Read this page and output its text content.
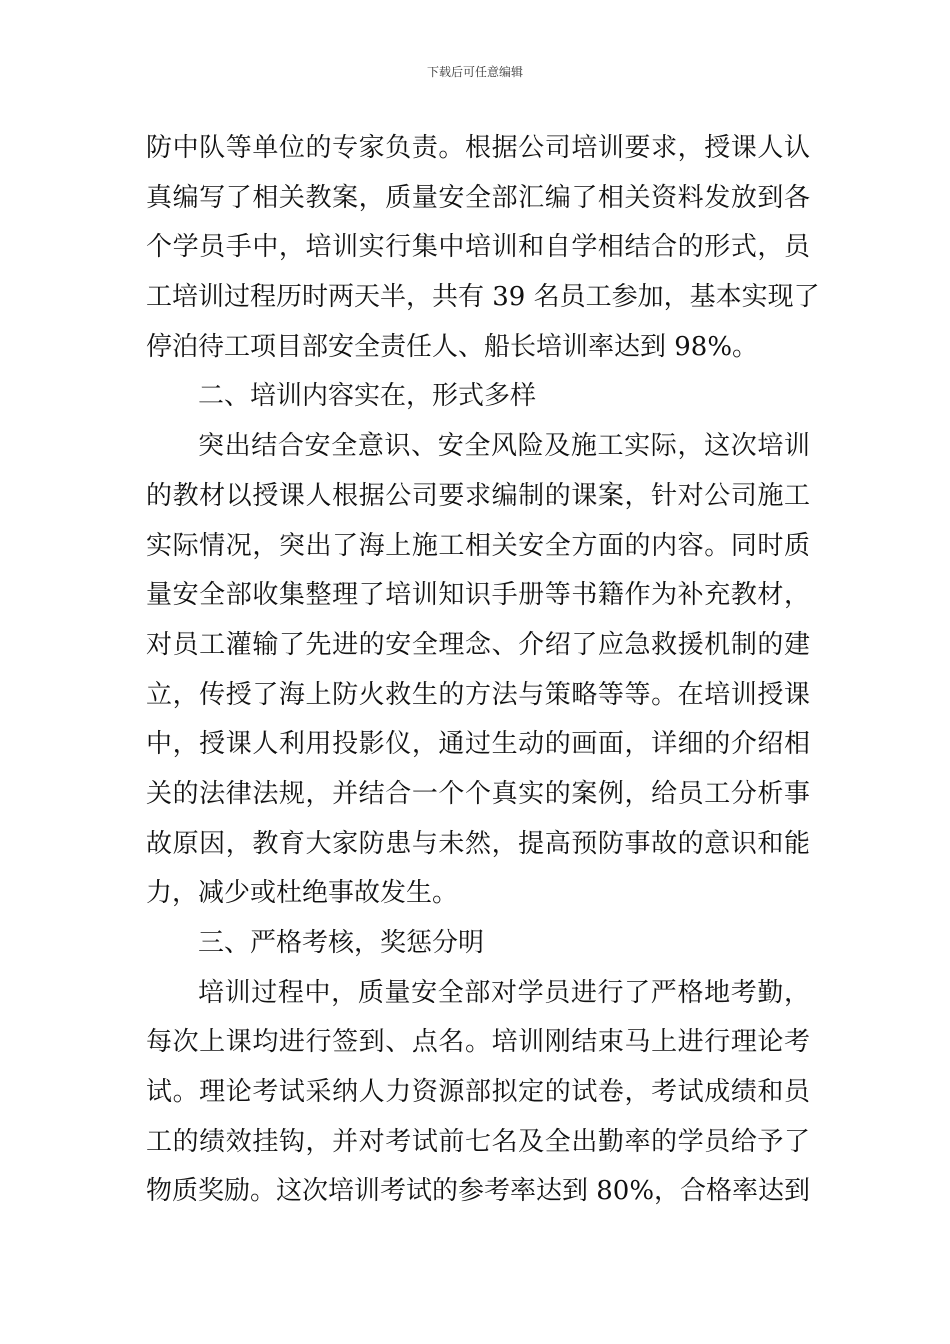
下载后可任意编辑
防中队等单位的专家负责。根据公司培训要求，授课人认
真编写了相关教案，质量安全部汇编了相关资料发放到各
个学员手中，培训实行集中培训和自学相结合的形式，员
工培训过程历时两天半，共有 39 名员工参加，基本实现了
停泊待工项目部安全责任人、船长培训率达到 98%。
二、培训内容实在，形式多样
突出结合安全意识、安全风险及施工实际，这次培训
的教材以授课人根据公司要求编制的课案，针对公司施工
实际情况，突出了海上施工相关安全方面的内容。同时质
量安全部收集整理了培训知识手册等书籍作为补充教材，
对员工灌输了先进的安全理念、介绍了应急救援机制的建
立，传授了海上防火救生的方法与策略等等。在培训授课
中，授课人利用投影仪，通过生动的画面，详细的介绍相
关的法律法规，并结合一个个真实的案例，给员工分析事
故原因，教育大家防患与未然，提高预防事故的意识和能
力，减少或杜绝事故发生。
三、严格考核，奖惩分明
培训过程中，质量安全部对学员进行了严格地考勤，
每次上课均进行签到、点名。培训刚结束马上进行理论考
试。理论考试采纳人力资源部拟定的试卷，考试成绩和员
工的绩效挂钩，并对考试前七名及全出勤率的学员给予了
物质奖励。这次培训考试的参考率达到 80%，合格率达到
